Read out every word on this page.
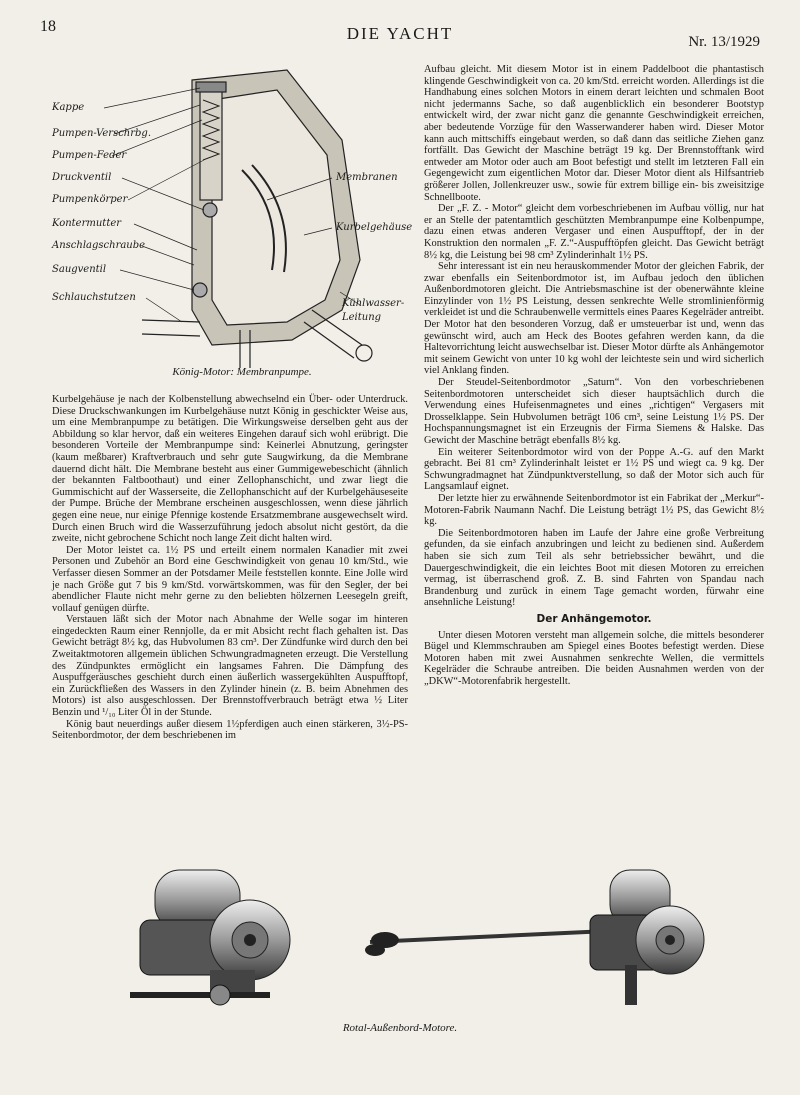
18	DIE YACHT	Nr. 13/1929
Kappe
Pumpen-Verschrbg.
Pumpen-Feder
Druckventil
Pumpenkörper
Kontermutter
Anschlagschraube
Saugventil
Schlauchstutzen
Membranen
Kurbelgehäuse
Kühlwasser-
Leitung
König-Motor: Membranpumpe.

Kurbelgehäuse je nach der Kolbenstellung abwechselnd ein Über- oder Unterdruck. Diese Druckschwankungen im Kurbelgehäuse nutzt König in geschickter Weise aus, um eine Membranpumpe zu betätigen. Die Wirkungsweise derselben geht aus der Abbildung so klar hervor, daß ein weiteres Eingehen darauf sich wohl erübrigt. Die besonderen Vorteile der Membranpumpe sind: Keinerlei Abnutzung, geringster (kaum meßbarer) Kraftverbrauch und sehr gute Saugwirkung, da die Membrane dauernd dicht hält. Die Membrane besteht aus einer Gummigewebeschicht (ähnlich der bekannten Faltboothaut) und einer Zellophanschicht, und zwar liegt die Gummischicht auf der Wasserseite, die Zellophanschicht auf der Kurbelgehäuseseite der Pumpe. Brüche der Membrane erscheinen ausgeschlossen, wenn diese jährlich gegen eine neue, nur einige Pfennige kostende Ersatzmembrane ausgewechselt wird. Durch einen Bruch wird die Wasserzuführung jedoch absolut nicht gestört, da die zweite, nicht gebrochene Schicht noch lange Zeit dicht halten wird.

Der Motor leistet ca. 1½ PS und erteilt einem normalen Kanadier mit zwei Personen und Zubehör an Bord eine Geschwindigkeit von genau 10 km/Std., wie Verfasser diesen Sommer an der Potsdamer Meile feststellen konnte. Eine Jolle wird je nach Größe gut 7 bis 9 km/Std. vorwärtskommen, was für den Segler, der bei abendlicher Flaute nicht mehr gerne zu den beliebten hölzernen Leesegeln greift, vollauf genügen dürfte.

Verstauen läßt sich der Motor nach Abnahme der Welle sogar im hinteren eingedeckten Raum einer Rennjolle, da er mit Absicht recht flach gehalten ist. Das Gewicht beträgt 8½ kg, das Hubvolumen 83 cm³. Der Zündfunke wird durch den bei Zweitaktmotoren allgemein üblichen Schwungradmagneten erzeugt. Die Verstellung des Zündpunktes ermöglicht ein langsames Fahren. Die Dämpfung des Auspuffgeräusches geschieht durch einen äußerlich wassergekühlten Auspufftopf, ein Zurückfließen des Wassers in den Zylinder hinein (z. B. beim Abnehmen des Motors) ist also ausgeschlossen. Der Brennstoffverbrauch beträgt etwa ½ Liter Benzin und ¹/₁₀ Liter Öl in der Stunde.

König baut neuerdings außer diesem 1½pferdigen auch einen stärkeren, 3½-PS-Seitenbordmotor, der dem beschriebenen im

Aufbau gleicht. Mit diesem Motor ist in einem Paddelboot die phantastisch klingende Geschwindigkeit von ca. 20 km/Std. erreicht worden. Allerdings ist die Handhabung eines solchen Motors in einem derart leichten und schmalen Boot nicht jedermanns Sache, so daß augenblicklich ein besonderer Bootstyp entwickelt wird, der zwar nicht ganz die genannte Geschwindigkeit erreichen, aber bedeutende Vorzüge für den Wasserwanderer haben wird. Dieser Motor kann auch mittschiffs eingebaut werden, so daß dann das seitliche Ziehen ganz fortfällt. Das Gewicht der Maschine beträgt 19 kg. Der Brennstofftank wird entweder am Motor oder auch am Boot befestigt und stellt im letzteren Fall ein Gegengewicht zum eigentlichen Motor dar. Dieser Motor dient als Hilfsantrieb größerer Jollen, Jollenkreuzer usw., sowie für extrem billige ein- bis zweisitzige Schnellboote.

Der „F. Z. - Motor“ gleicht dem vorbeschriebenen im Aufbau völlig, nur hat er an Stelle der patentamtlich geschützten Membranpumpe eine Kolbenpumpe, dazu einen etwas anderen Vergaser und einen Auspufftopf, der in der Konstruktion den normalen „F. Z.“-Auspufftöpfen gleicht. Das Gewicht beträgt 8½ kg, die Leistung bei 98 cm³ Zylinderinhalt 1½ PS.

Sehr interessant ist ein neu herauskommender Motor der gleichen Fabrik, der zwar ebenfalls ein Seitenbordmotor ist, im Aufbau jedoch den üblichen Außenbordmotoren gleicht. Die Antriebsmaschine ist der obenerwähnte kleine Einzylinder von 1½ PS Leistung, dessen senkrechte Welle stromlinienförmig verkleidet ist und die Schraubenwelle vermittels eines Paares Kegelräder antreibt. Der Motor hat den besonderen Vorzug, daß er umsteuerbar ist und, wenn das gewünscht wird, auch am Heck des Bootes gefahren werden kann, da die Haltevorrichtung leicht auswechselbar ist. Dieser Motor dürfte als Anhängemotor mit seinem Gewicht von unter 10 kg wohl der leichteste sein und wird sicherlich viel Anklang finden.

Der Steudel-Seitenbordmotor „Saturn“. Von den vorbeschriebenen Seitenbordmotoren unterscheidet sich dieser hauptsächlich durch die Verwendung eines Hufeisenmagnetes und eines „richtigen“ Vergasers mit Drosselklappe. Sein Hubvolumen beträgt 106 cm³, seine Leistung 1½ PS. Der Hochspannungsmagnet ist ein Erzeugnis der Firma Siemens & Halske. Das Gewicht der Maschine beträgt ebenfalls 8½ kg.

Ein weiterer Seitenbordmotor wird von der Poppe A.-G. auf den Markt gebracht. Bei 81 cm³ Zylinderinhalt leistet er 1½ PS und wiegt ca. 9 kg. Der Schwungradmagnet hat Zündpunktverstellung, so daß der Motor sich auch für Langsamlauf eignet.

Der letzte hier zu erwähnende Seitenbordmotor ist ein Fabrikat der „Merkur“-Motoren-Fabrik Naumann Nachf. Die Leistung beträgt 1½ PS, das Gewicht 8½ kg.

Die Seitenbordmotoren haben im Laufe der Jahre eine große Verbreitung gefunden, da sie einfach anzubringen und leicht zu bedienen sind. Außerdem haben sie sich zum Teil als sehr betriebssicher bewährt, und die Dauergeschwindigkeit, die ein leichtes Boot mit diesen Motoren zu erreichen vermag, ist überraschend groß. Z. B. sind Fahrten von Spandau nach Brandenburg und zurück in einem Tage gemacht worden, fürwahr eine ansehnliche Leistung!

Der Anhängemotor.

Unter diesen Motoren versteht man allgemein solche, die mittels besonderer Bügel und Klemmschrauben am Spiegel eines Bootes befestigt werden. Diese Motoren haben mit zwei Ausnahmen senkrechte Wellen, die vermittels Kegelräder die Schraube antreiben. Die beiden Ausnahmen werden von der „DKW“-Motorenfabrik hergestellt.

Rotal-Außenbord-Motore.
